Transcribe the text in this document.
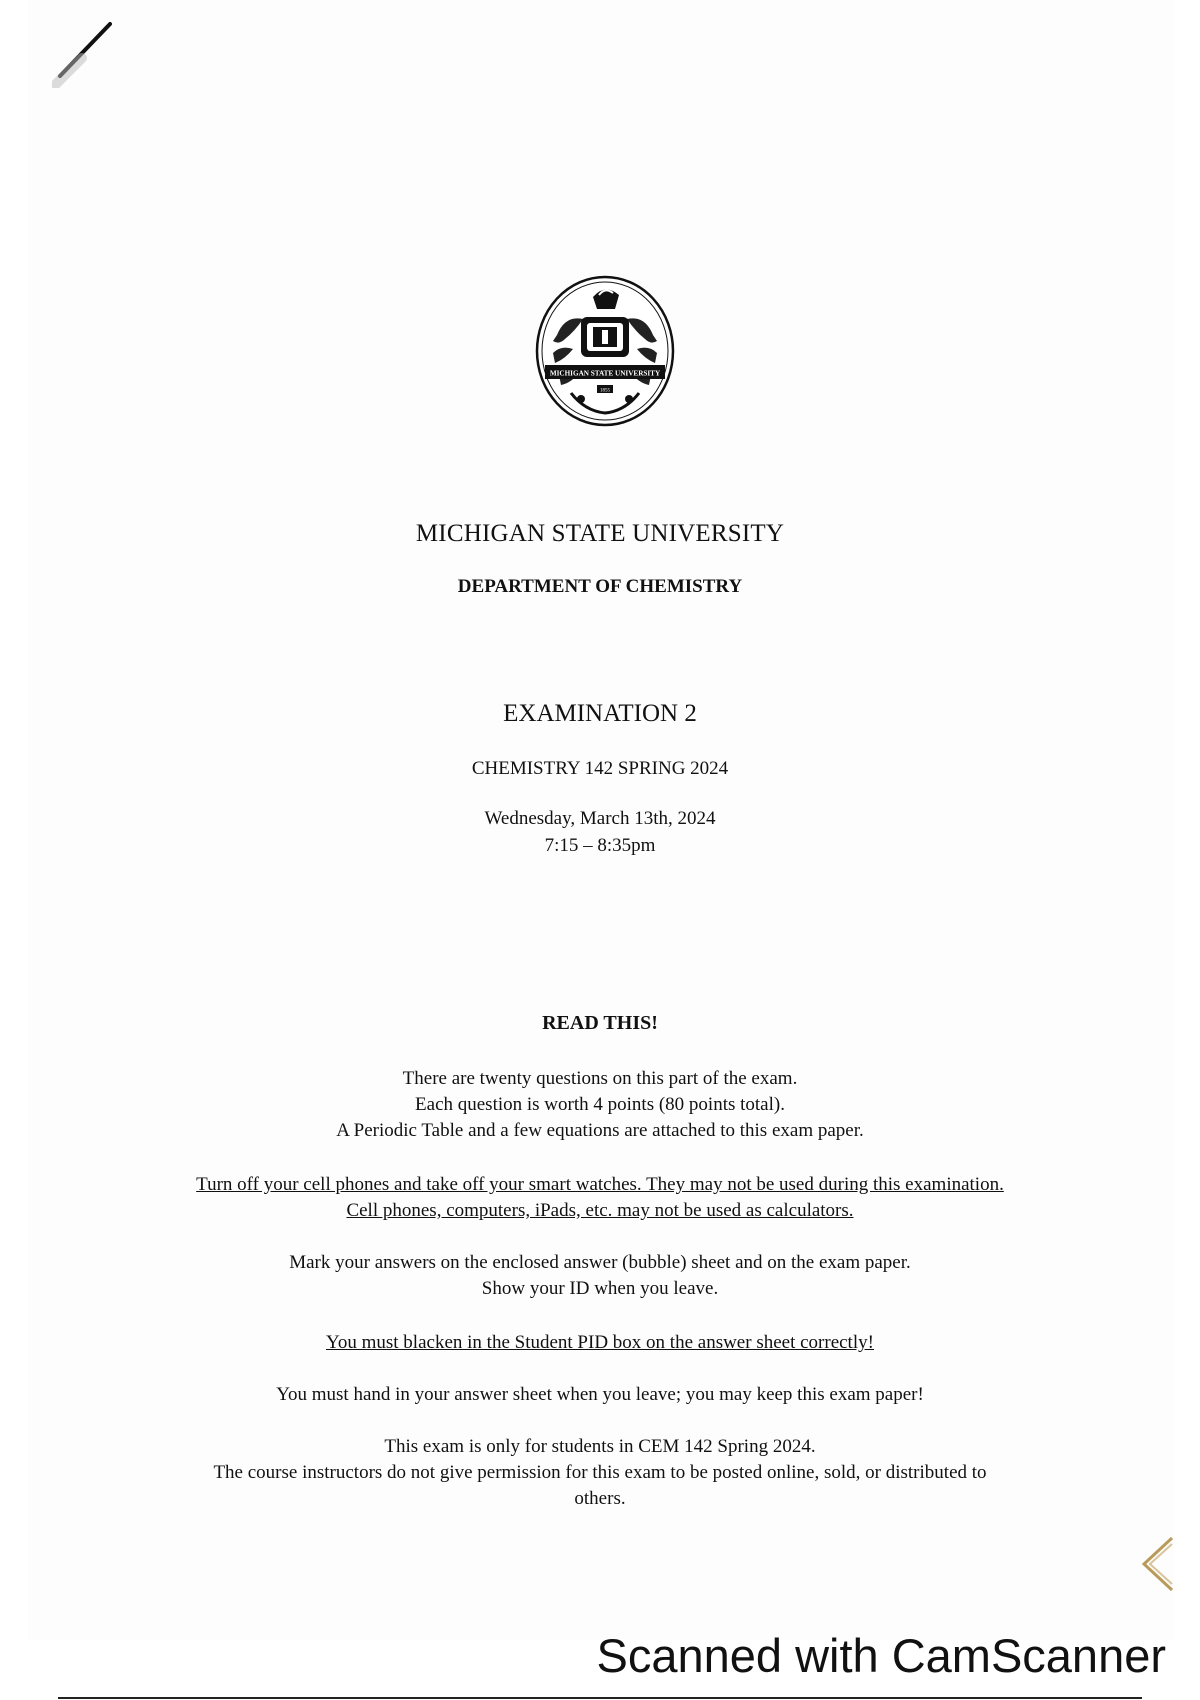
MICHIGAN STATE UNIVERSITY
1855
MICHIGAN STATE UNIVERSITY
DEPARTMENT OF CHEMISTRY
EXAMINATION 2
CHEMISTRY 142 SPRING 2024
Wednesday, March 13th, 2024
7:15 – 8:35pm
READ THIS!
There are twenty questions on this part of the exam.
Each question is worth 4 points (80 points total).
A Periodic Table and a few equations are attached to this exam paper.
Turn off your cell phones and take off your smart watches. They may not be used during this examination.
Cell phones, computers, iPads, etc. may not be used as calculators.
Mark your answers on the enclosed answer (bubble) sheet and on the exam paper.
Show your ID when you leave.
You must blacken in the Student PID box on the answer sheet correctly!
You must hand in your answer sheet when you leave; you may keep this exam paper!
This exam is only for students in CEM 142 Spring 2024.
The course instructors do not give permission for this exam to be posted online, sold, or distributed to
others.
Scanned with CamScanner
